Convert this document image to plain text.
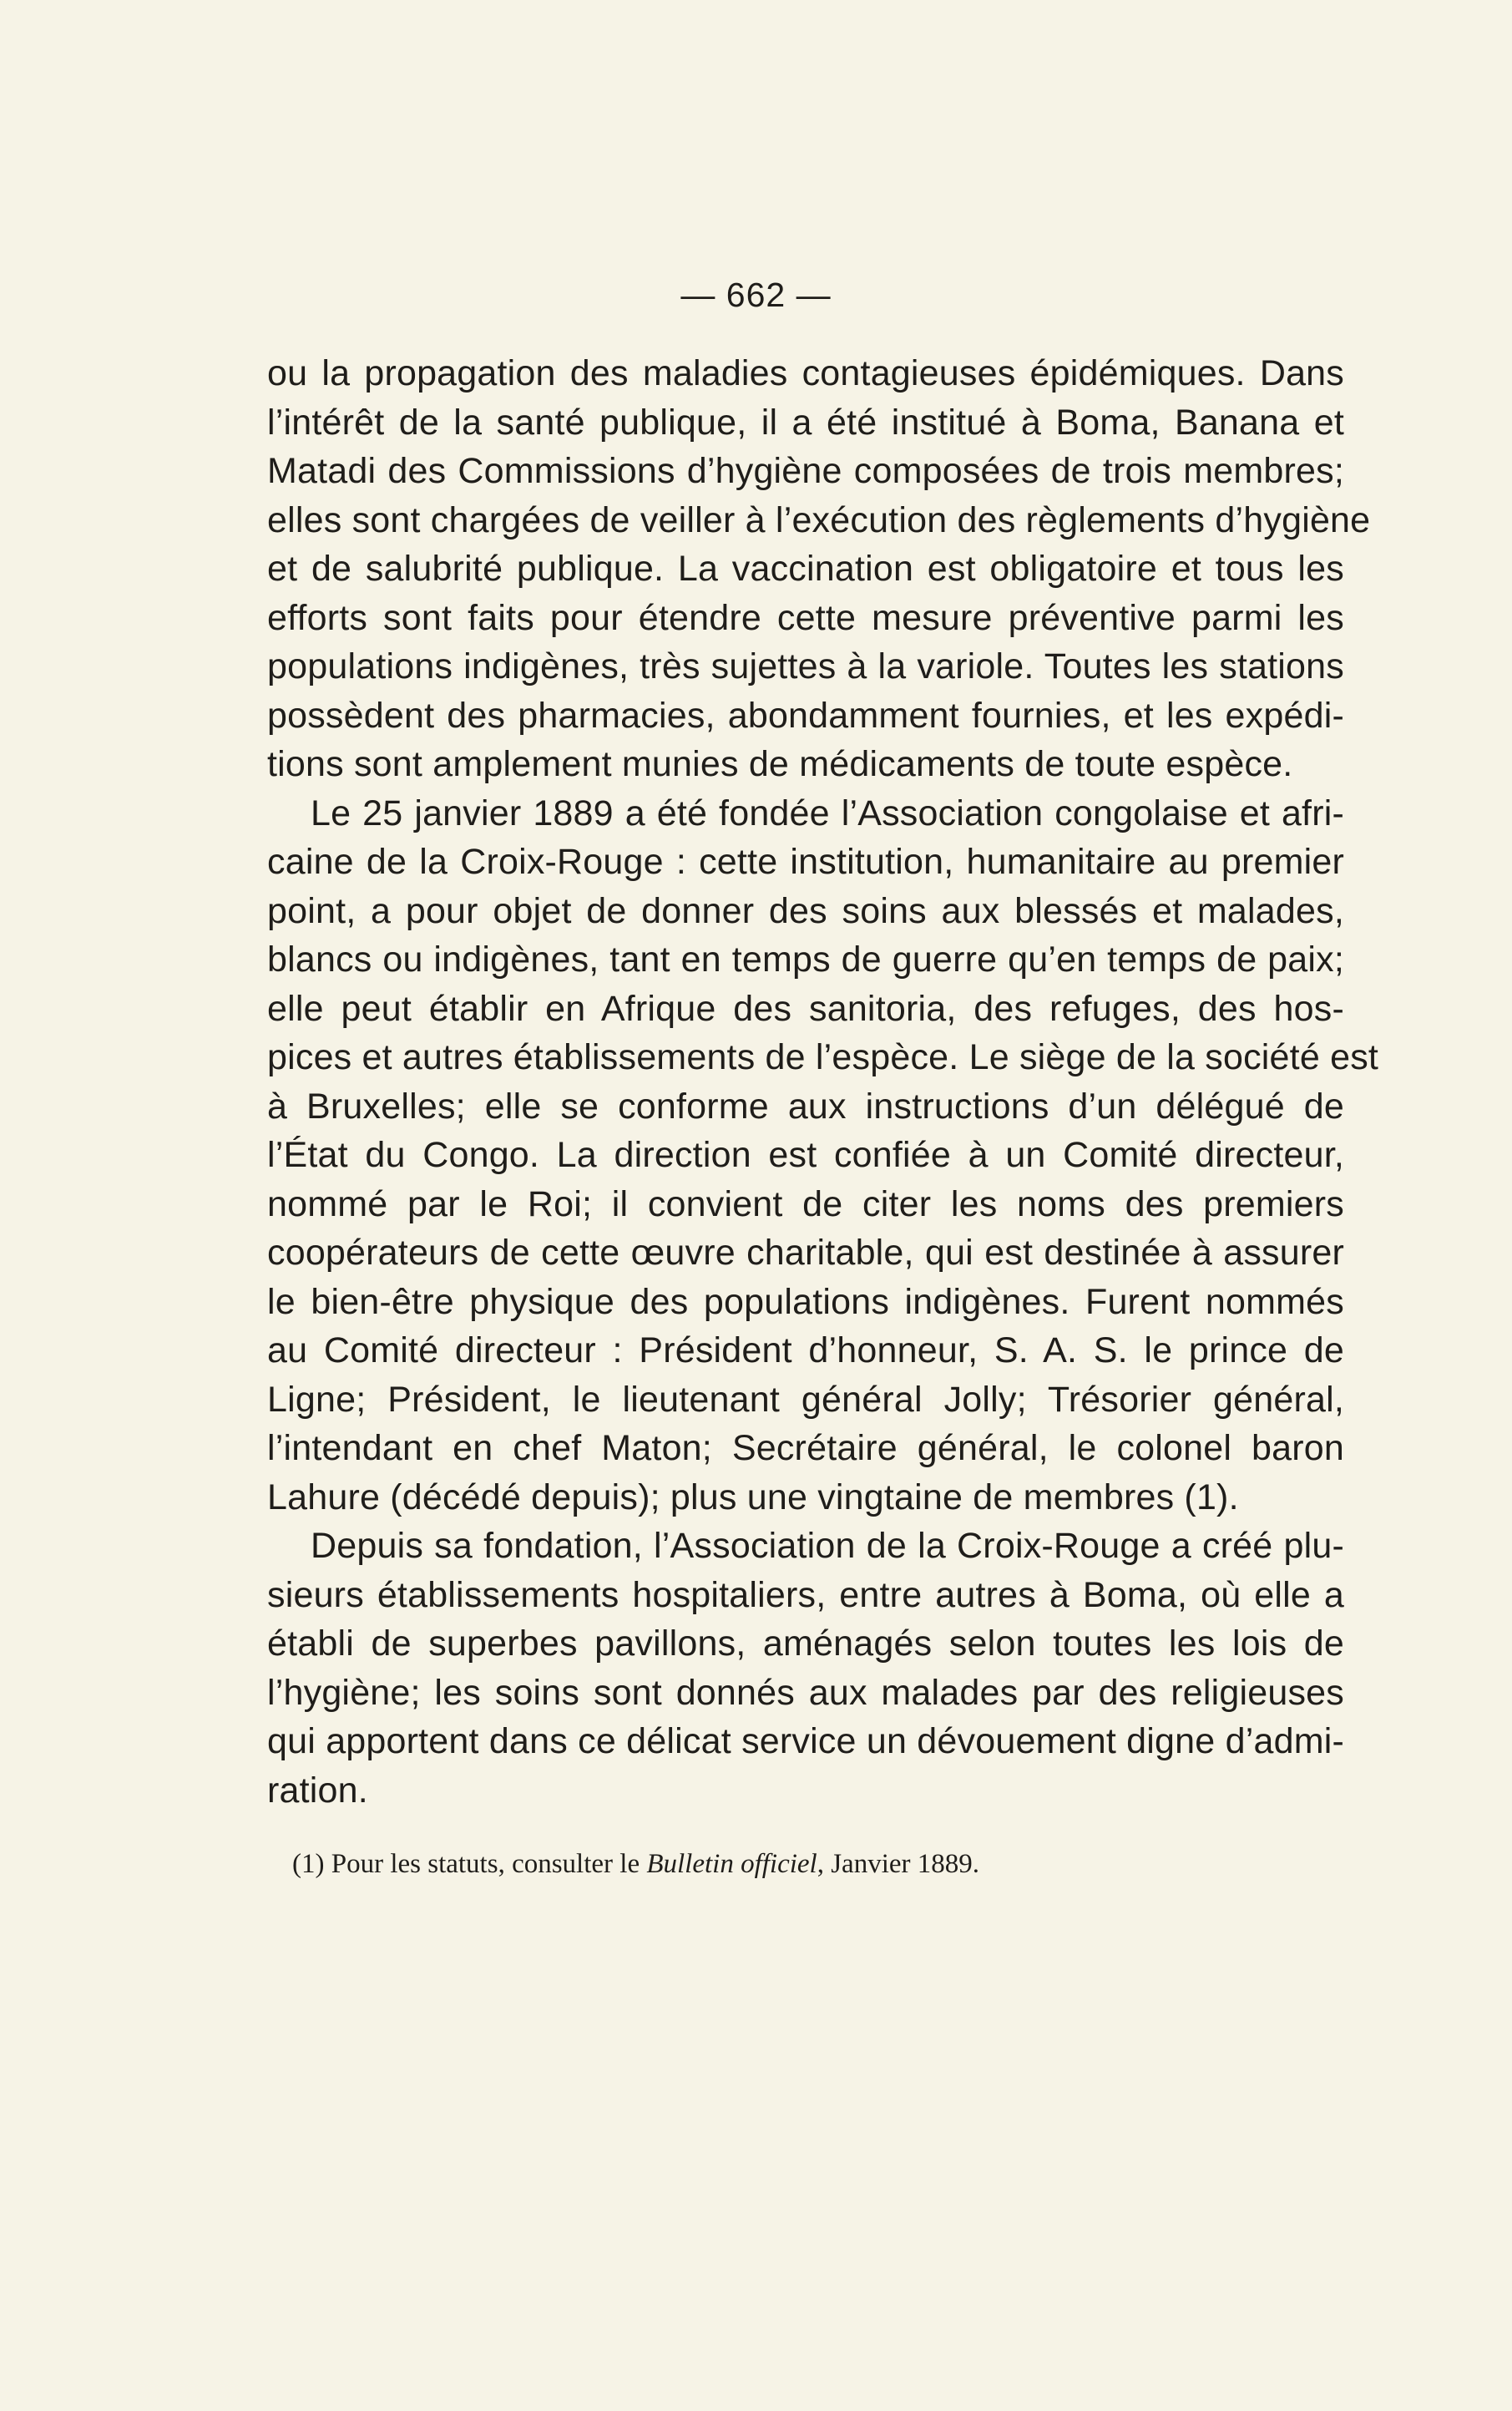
— 662 —
ou la propagation des maladies contagieuses épidémiques. Dans
l’intérêt de la santé publique, il a été institué à Boma, Banana et
Matadi des Commissions d’hygiène composées de trois membres;
elles sont chargées de veiller à l’exécution des règlements d’hygiène
et de salubrité publique. La vaccination est obligatoire et tous les
efforts sont faits pour étendre cette mesure préventive parmi les
populations indigènes, très sujettes à la variole. Toutes les stations
possèdent des pharmacies, abondamment fournies, et les expédi-
tions sont amplement munies de médicaments de toute espèce.
Le 25 janvier 1889 a été fondée l’Association congolaise et afri-
caine de la Croix-Rouge : cette institution, humanitaire au premier
point, a pour objet de donner des soins aux blessés et malades,
blancs ou indigènes, tant en temps de guerre qu’en temps de paix;
elle peut établir en Afrique des sanitoria, des refuges, des hos-
pices et autres établissements de l’espèce. Le siège de la société est
à Bruxelles; elle se conforme aux instructions d’un délégué de
l’État du Congo. La direction est confiée à un Comité directeur,
nommé par le Roi; il convient de citer les noms des premiers
coopérateurs de cette œuvre charitable, qui est destinée à assurer
le bien-être physique des populations indigènes. Furent nommés
au Comité directeur : Président d’honneur, S. A. S. le prince de
Ligne; Président, le lieutenant général Jolly; Trésorier général,
l’intendant en chef Maton; Secrétaire général, le colonel baron
Lahure (décédé depuis); plus une vingtaine de membres (1).
Depuis sa fondation, l’Association de la Croix-Rouge a créé plu-
sieurs établissements hospitaliers, entre autres à Boma, où elle a
établi de superbes pavillons, aménagés selon toutes les lois de
l’hygiène; les soins sont donnés aux malades par des religieuses
qui apportent dans ce délicat service un dévouement digne d’admi-
ration.
(1) Pour les statuts, consulter le Bulletin officiel, Janvier 1889.
